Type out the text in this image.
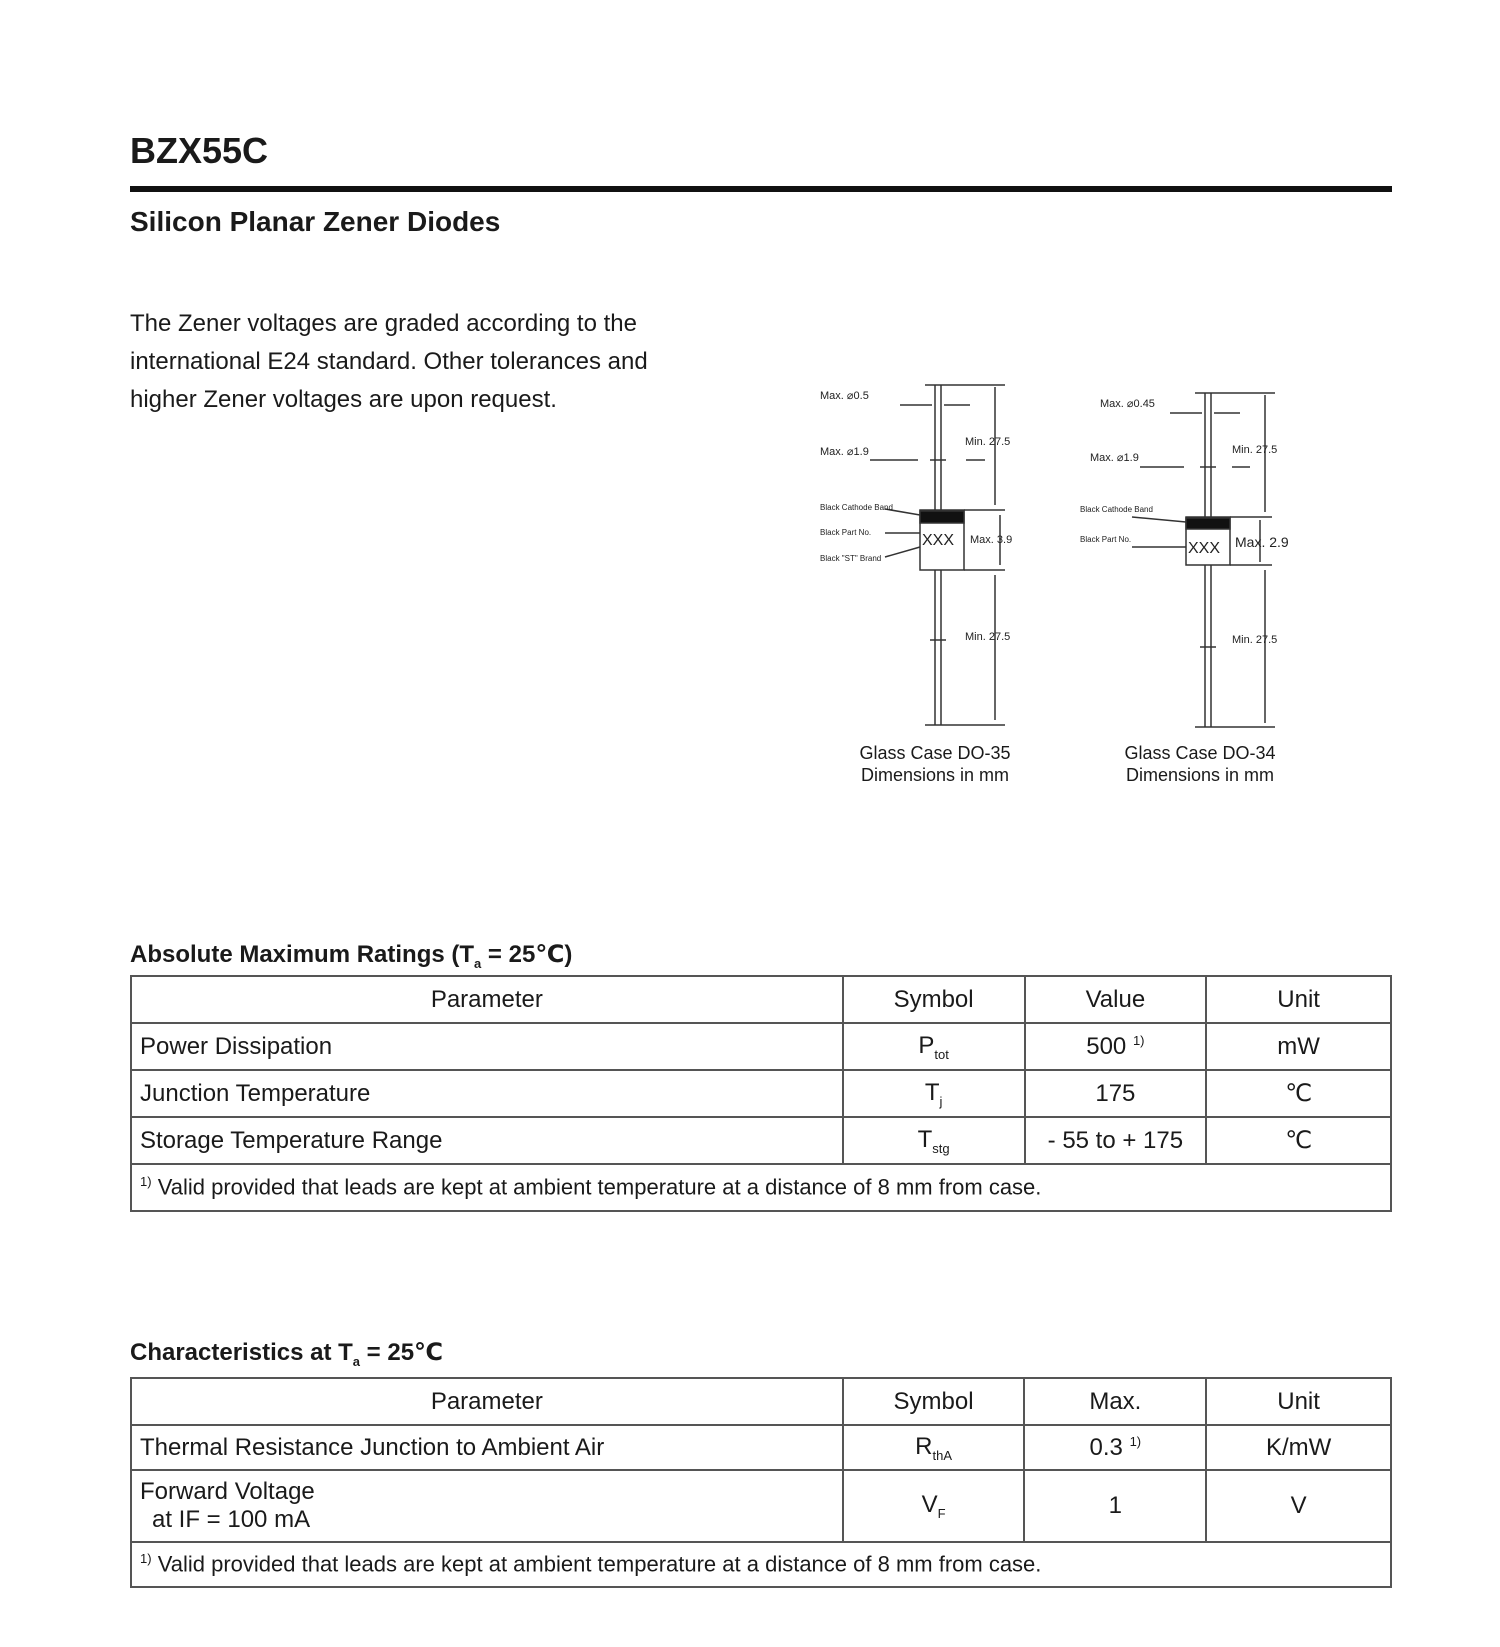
BZX55C
Silicon Planar Zener Diodes

The Zener voltages are graded according to the
international E24 standard. Other tolerances and
higher Zener voltages are upon request.	Max. ⌀0.5
Max. ⌀1.9
Min. 27.5
Max. 3.9
Min. 27.5
XXX
Black Cathode Band
Black Part No.
Black "ST" Brand
Max. ⌀0.45
Max. ⌀1.9
Min. 27.5
Max. 2.9
Min. 27.5
XXX
Black Cathode Band
Black Part No.
Glass Case DO-35
Dimensions in mm
Glass Case DO-34
Dimensions in mm
Absolute Maximum Ratings ($T_a$ = 25℃)
Parameter	Symbol	Value	Unit
Power Dissipation	$P_{tot}$	500 $^{1)}$	mW
Junction Temperature	$T_j$	175	℃
Storage Temperature Range	$T_{stg}$	- 55 to + 175	℃
$^{1)}$ Valid provided that leads are kept at ambient temperature at a distance of 8 mm from case.			
Characteristics at $T_a$ = 25℃
Parameter	Symbol	Max.	Unit
Thermal Resistance Junction to Ambient Air	$R_{thA}$	0.3 $^{1)}$	K/mW

Forward Voltage
at IF = 100 mA	$V_F$	1	V
$^{1)}$ Valid provided that leads are kept at ambient temperature at a distance of 8 mm from case.			
